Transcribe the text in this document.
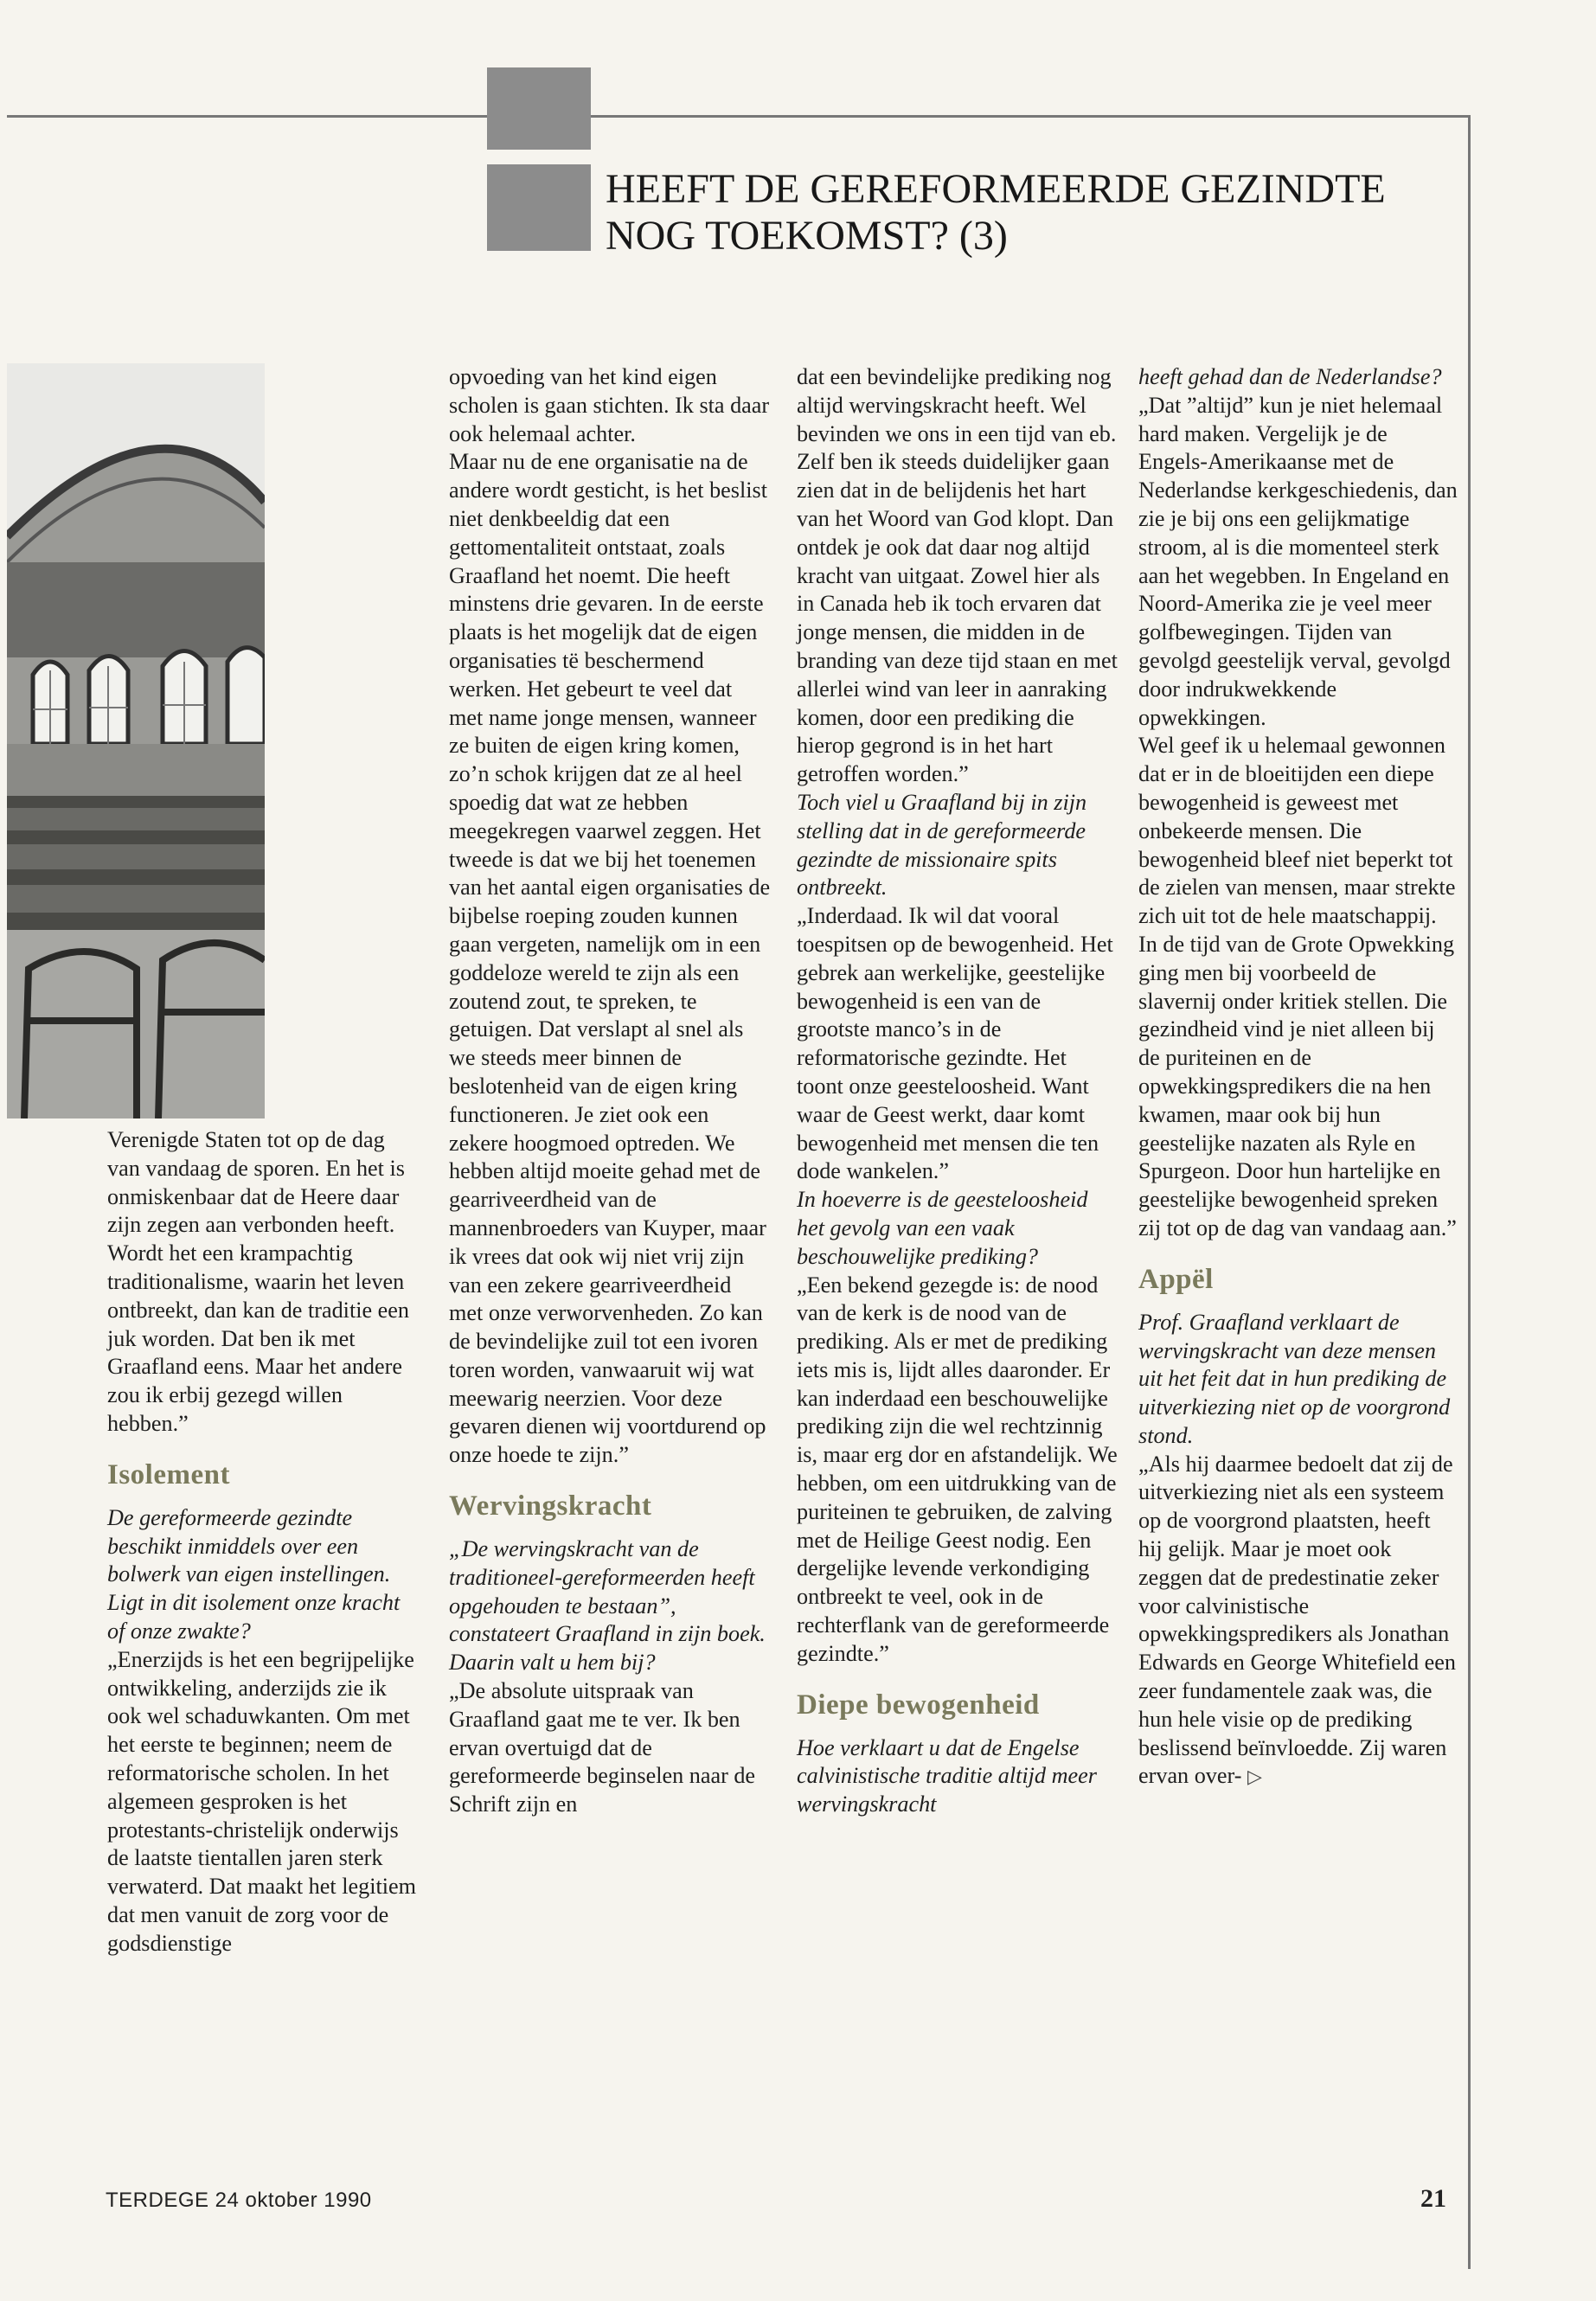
HEEFT DE GEREFORMEERDE GEZINDTE
NOG TOEKOMST? (3)

Verenigde Staten tot op de dag van vandaag de sporen. En het is onmiskenbaar dat de Heere daar zijn zegen aan verbonden heeft.

Wordt het een krampachtig traditionalisme, waarin het leven ontbreekt, dan kan de traditie een juk worden. Dat ben ik met Graafland eens. Maar het andere zou ik erbij gezegd willen hebben.”

Isolement

De gereformeerde gezindte beschikt inmiddels over een bolwerk van eigen instellingen. Ligt in dit isolement onze kracht of onze zwakte?

„Enerzijds is het een begrijpelijke ontwikkeling, anderzijds zie ik ook wel schaduwkanten. Om met het eerste te beginnen; neem de reformatorische scholen. In het algemeen gesproken is het protestants-christelijk onderwijs de laatste tientallen jaren sterk verwaterd. Dat maakt het legitiem dat men vanuit de zorg voor de godsdienstige

opvoeding van het kind eigen scholen is gaan stichten. Ik sta daar ook helemaal achter.

Maar nu de ene organisatie na de andere wordt gesticht, is het beslist niet denkbeeldig dat een gettomentaliteit ontstaat, zoals Graafland het noemt. Die heeft minstens drie gevaren. In de eerste plaats is het mogelijk dat de eigen organisaties të beschermend werken. Het gebeurt te veel dat met name jonge mensen, wanneer ze buiten de eigen kring komen, zo’n schok krijgen dat ze al heel spoedig dat wat ze hebben meegekregen vaarwel zeggen. Het tweede is dat we bij het toenemen van het aantal eigen organisaties de bijbelse roeping zouden kunnen gaan vergeten, namelijk om in een goddeloze wereld te zijn als een zoutend zout, te spreken, te getuigen. Dat verslapt al snel als we steeds meer binnen de beslotenheid van de eigen kring functioneren. Je ziet ook een zekere hoogmoed optreden. We hebben altijd moeite gehad met de gearriveerdheid van de mannenbroeders van Kuyper, maar ik vrees dat ook wij niet vrij zijn van een zekere gearriveerdheid met onze verworvenheden. Zo kan de bevindelijke zuil tot een ivoren toren worden, vanwaaruit wij wat meewarig neerzien. Voor deze gevaren dienen wij voortdurend op onze hoede te zijn.”

Wervingskracht

„De wervingskracht van de traditioneel-gereformeerden heeft opgehouden te bestaan”, constateert Graafland in zijn boek. Daarin valt u hem bij?

„De absolute uitspraak van Graafland gaat me te ver. Ik ben ervan overtuigd dat de gereformeerde beginselen naar de Schrift zijn en

dat een bevindelijke prediking nog altijd wervingskracht heeft. Wel bevinden we ons in een tijd van eb. Zelf ben ik steeds duidelijker gaan zien dat in de belijdenis het hart van het Woord van God klopt. Dan ontdek je ook dat daar nog altijd kracht van uitgaat. Zowel hier als in Canada heb ik toch ervaren dat jonge mensen, die midden in de branding van deze tijd staan en met allerlei wind van leer in aanraking komen, door een prediking die hierop gegrond is in het hart getroffen worden.”

Toch viel u Graafland bij in zijn stelling dat in de gereformeerde gezindte de missionaire spits ontbreekt.

„Inderdaad. Ik wil dat vooral toespitsen op de bewogenheid. Het gebrek aan werkelijke, geestelijke bewogenheid is een van de grootste manco’s in de reformatorische gezindte. Het toont onze geesteloosheid. Want waar de Geest werkt, daar komt bewogenheid met mensen die ten dode wankelen.”

In hoeverre is de geesteloosheid het gevolg van een vaak beschouwelijke prediking?

„Een bekend gezegde is: de nood van de kerk is de nood van de prediking. Als er met de prediking iets mis is, lijdt alles daaronder. Er kan inderdaad een beschouwelijke prediking zijn die wel rechtzinnig is, maar erg dor en afstandelijk. We hebben, om een uitdrukking van de puriteinen te gebruiken, de zalving met de Heilige Geest nodig. Een dergelijke levende verkondiging ontbreekt te veel, ook in de rechterflank van de gereformeerde gezindte.”

Diepe bewogenheid

Hoe verklaart u dat de Engelse calvinistische traditie altijd meer wervingskracht

heeft gehad dan de Nederlandse?

„Dat ”altijd” kun je niet helemaal hard maken. Vergelijk je de Engels-Amerikaanse met de Nederlandse kerkgeschiedenis, dan zie je bij ons een gelijkmatige stroom, al is die momenteel sterk aan het wegebben. In Engeland en Noord-Amerika zie je veel meer golfbewegingen. Tijden van gevolgd geestelijk verval, gevolgd door indrukwekkende opwekkingen.

Wel geef ik u helemaal gewonnen dat er in de bloeitijden een diepe bewogenheid is geweest met onbekeerde mensen. Die bewogenheid bleef niet beperkt tot de zielen van mensen, maar strekte zich uit tot de hele maatschappij. In de tijd van de Grote Opwekking ging men bij voorbeeld de slavernij onder kritiek stellen. Die gezindheid vind je niet alleen bij de puriteinen en de opwekkingspredikers die na hen kwamen, maar ook bij hun geestelijke nazaten als Ryle en Spurgeon. Door hun hartelijke en geestelijke bewogenheid spreken zij tot op de dag van vandaag aan.”

Appël

Prof. Graafland verklaart de wervingskracht van deze mensen uit het feit dat in hun prediking de uitverkiezing niet op de voorgrond stond.

„Als hij daarmee bedoelt dat zij de uitverkiezing niet als een systeem op de voorgrond plaatsten, heeft hij gelijk. Maar je moet ook zeggen dat de predestinatie zeker voor calvinistische opwekkingspredikers als Jonathan Edwards en George Whitefield een zeer fundamentele zaak was, die hun hele visie op de prediking beslissend beïnvloedde. Zij waren ervan over- ▷

TERDEGE 24 oktober 1990	21
